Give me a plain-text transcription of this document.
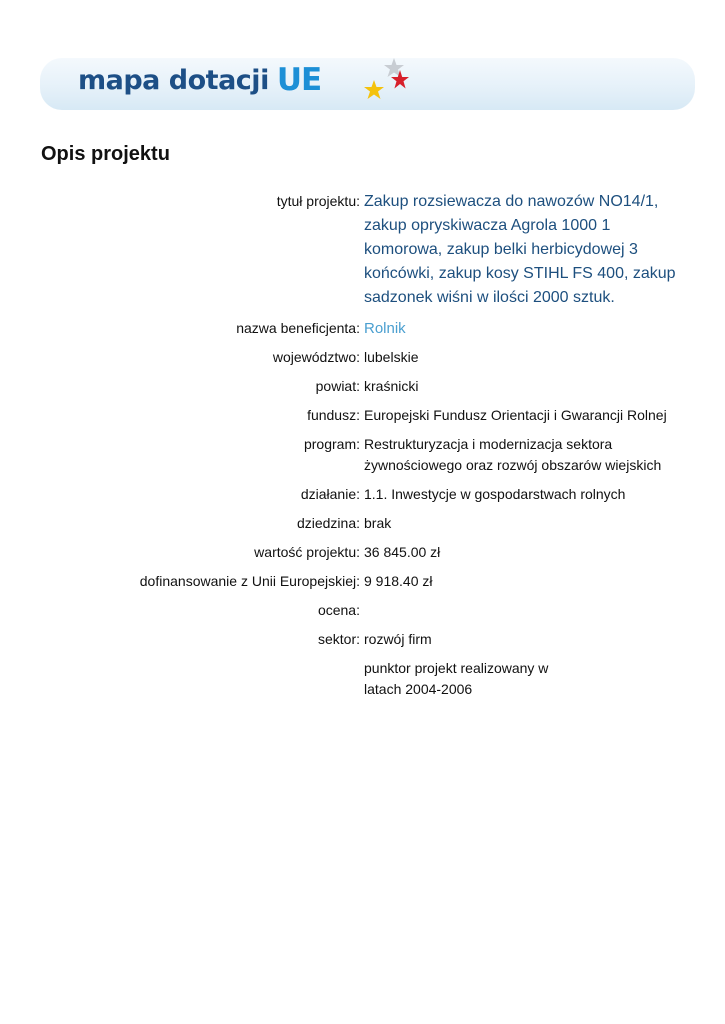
mapa dotacji UE
Opis projektu
tytuł projektu: Zakup rozsiewacza do nawozów NO14/1, zakup opryskiwacza Agrola 1000 1 komorowa, zakup belki herbicydowej 3 końcówki, zakup kosy STIHL FS 400, zakup sadzonek wiśni w ilości 2000 sztuk.
nazwa beneficjenta: Rolnik
województwo: lubelskie
powiat: kraśnicki
fundusz: Europejski Fundusz Orientacji i Gwarancji Rolnej
program: Restrukturyzacja i modernizacja sektora żywnościowego oraz rozwój obszarów wiejskich
działanie: 1.1. Inwestycje w gospodarstwach rolnych
dziedzina: brak
wartość projektu: 36 845.00 zł
dofinansowanie z Unii Europejskiej: 9 918.40 zł
ocena:
sektor: rozwój firm
punktor projekt realizowany w latach 2004-2006
